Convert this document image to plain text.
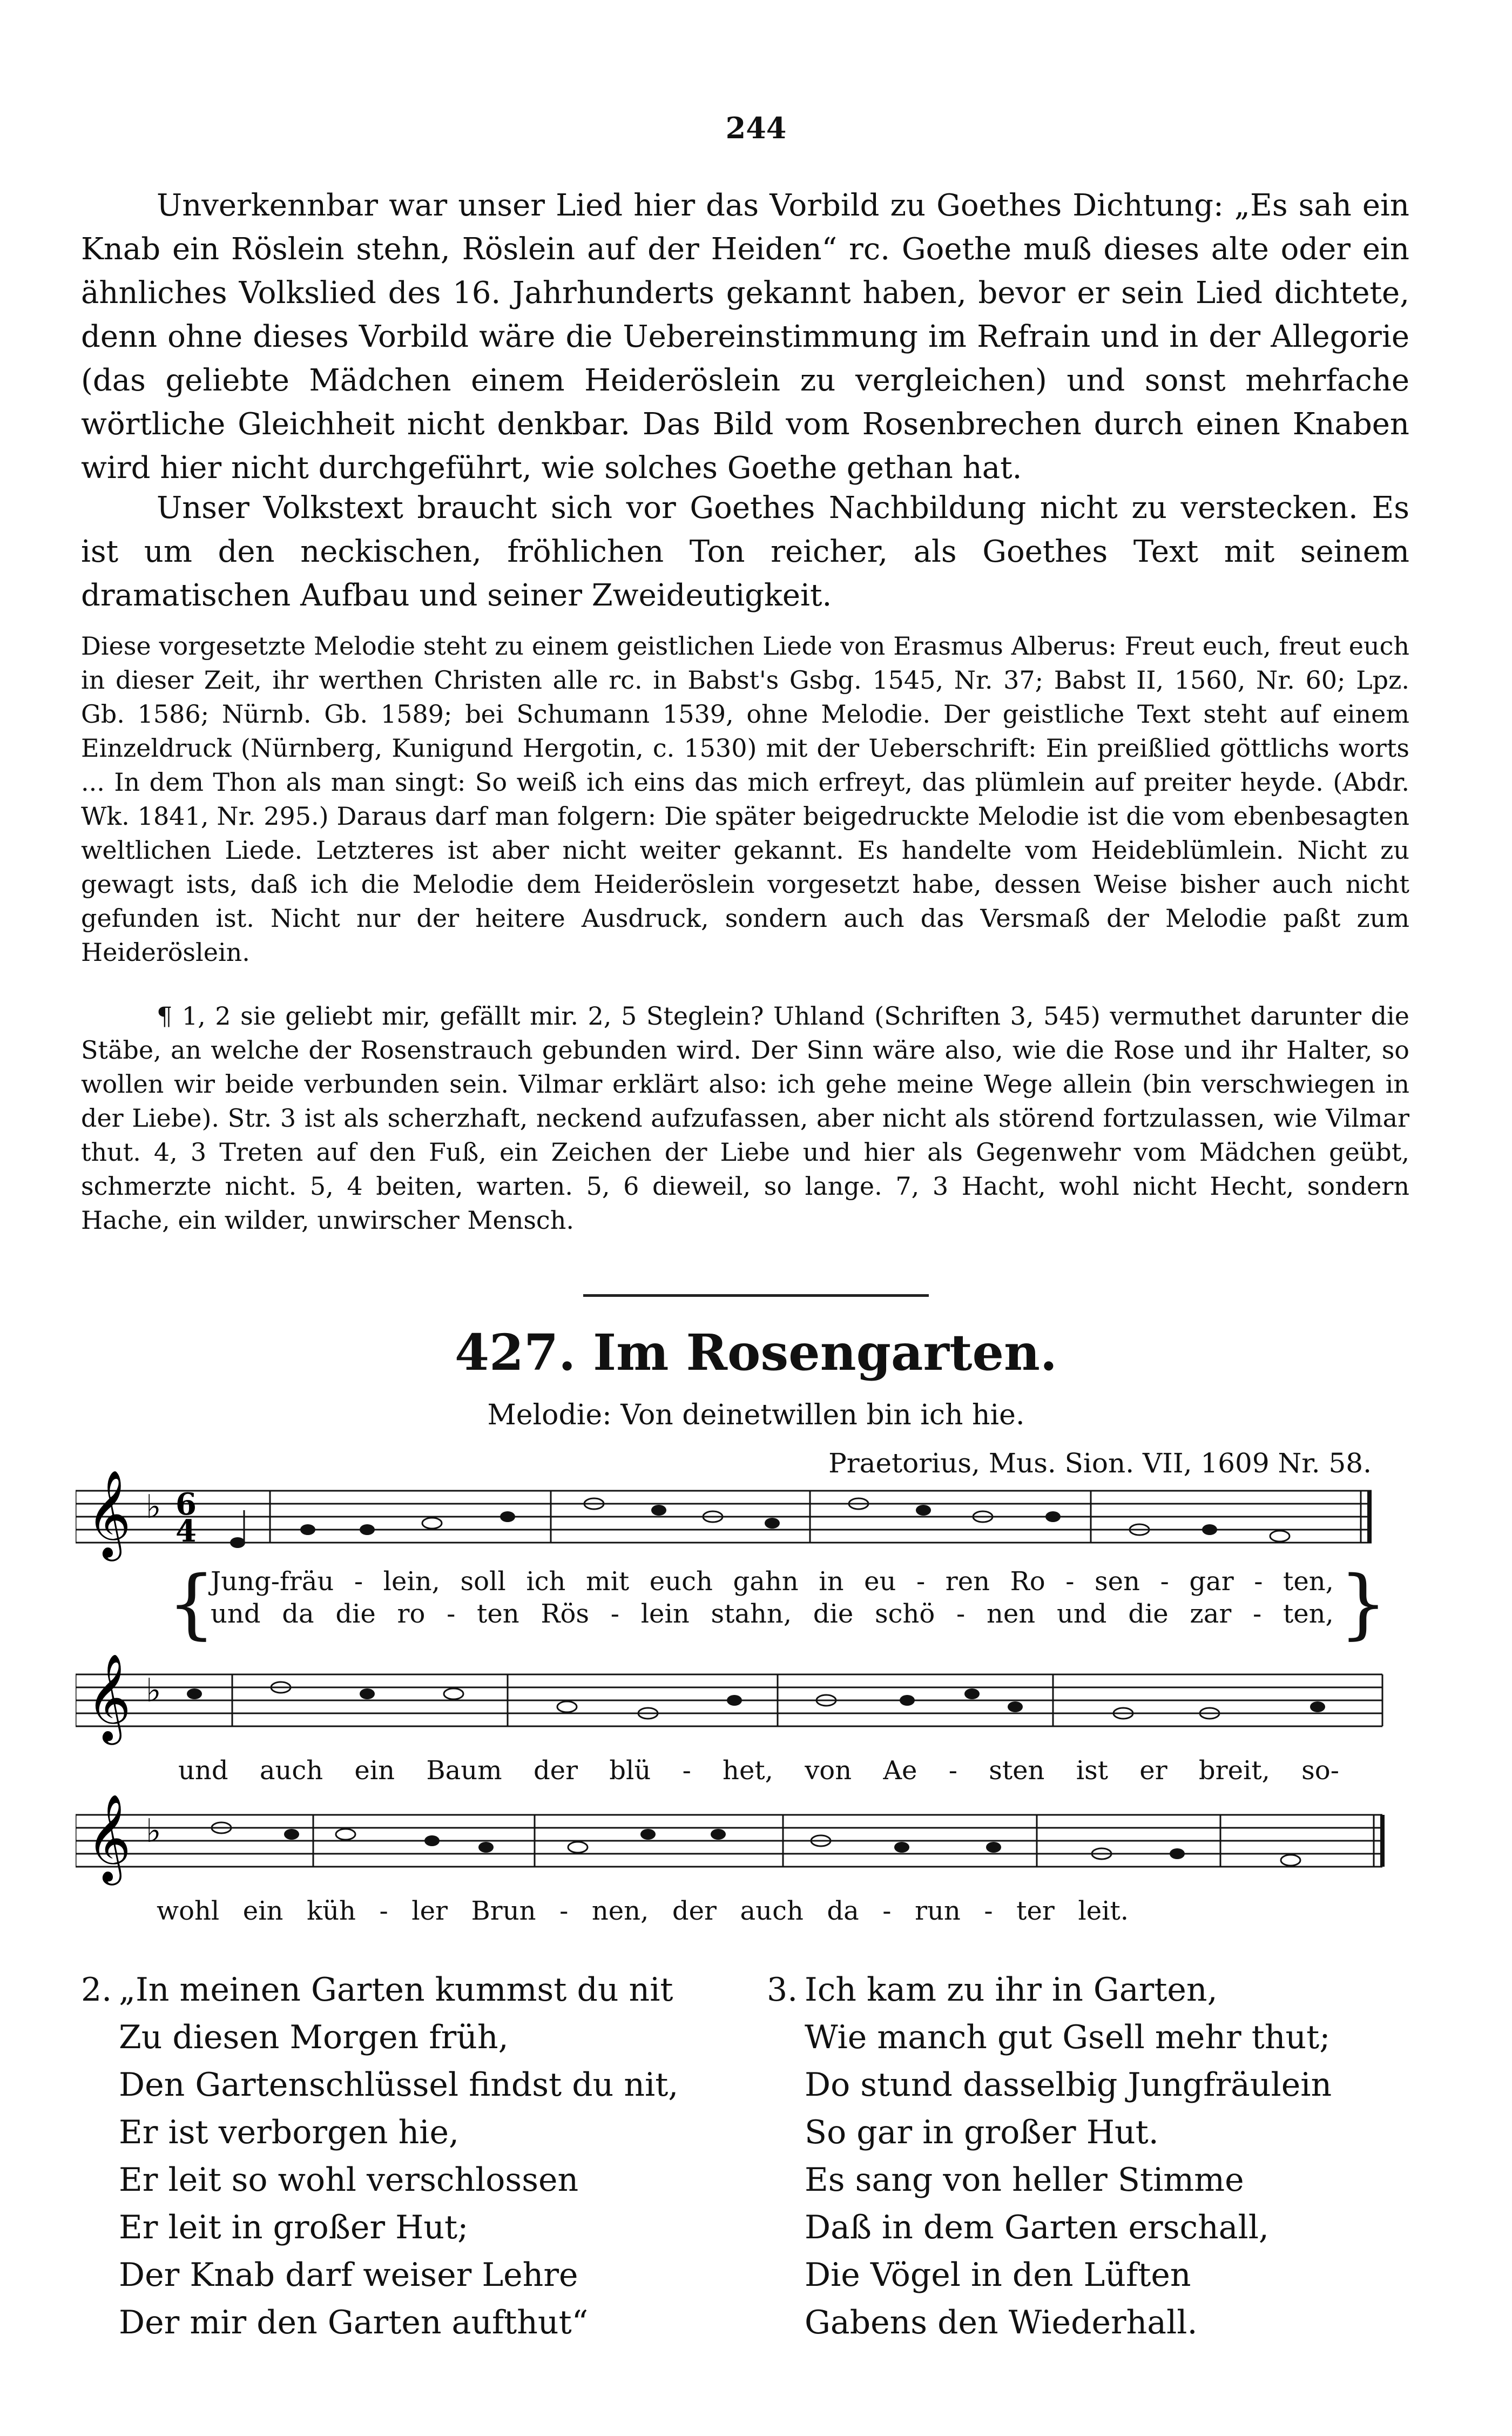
244

Unverkennbar war unser Lied hier das Vorbild zu Goethes Dichtung: „Es sah ein Knab ein Röslein stehn, Röslein auf der Heiden“ rc. Goethe muß dieses alte oder ein ähnliches Volkslied des 16. Jahrhunderts gekannt haben, bevor er sein Lied dichtete, denn ohne dieses Vorbild wäre die Uebereinstimmung im Refrain und in der Allegorie (das geliebte Mädchen einem Heideröslein zu vergleichen) und sonst mehrfache wörtliche Gleichheit nicht denkbar. Das Bild vom Rosenbrechen durch einen Knaben wird hier nicht durchgeführt, wie solches Goethe gethan hat.

Unser Volkstext braucht sich vor Goethes Nachbildung nicht zu verstecken. Es ist um den neckischen, fröhlichen Ton reicher, als Goethes Text mit seinem dramatischen Aufbau und seiner Zweideutigkeit.

Diese vorgesetzte Melodie steht zu einem geistlichen Liede von Erasmus Alberus: Freut euch, freut euch in dieser Zeit, ihr werthen Christen alle rc. in Babst's Gsbg. 1545, Nr. 37; Babst II, 1560, Nr. 60; Lpz. Gb. 1586; Nürnb. Gb. 1589; bei Schumann 1539, ohne Melodie. Der geistliche Text steht auf einem Einzeldruck (Nürnberg, Kunigund Hergotin, c. 1530) mit der Ueberschrift: Ein preißlied göttlichs worts ... In dem Thon als man singt: So weiß ich eins das mich erfreyt, das plümlein auf preiter heyde. (Abdr. Wk. 1841, Nr. 295.) Daraus darf man folgern: Die später beigedruckte Melodie ist die vom ebenbesagten weltlichen Liede. Letzteres ist aber nicht weiter gekannt. Es handelte vom Heideblümlein. Nicht zu gewagt ists, daß ich die Melodie dem Heideröslein vorgesetzt habe, dessen Weise bisher auch nicht gefunden ist. Nicht nur der heitere Ausdruck, sondern auch das Versmaß der Melodie paßt zum Heideröslein.

¶ 1, 2 sie geliebt mir, gefällt mir. 2, 5 Steglein? Uhland (Schriften 3, 545) vermuthet darunter die Stäbe, an welche der Rosenstrauch gebunden wird. Der Sinn wäre also, wie die Rose und ihr Halter, so wollen wir beide verbunden sein. Vilmar erklärt also: ich gehe meine Wege allein (bin verschwiegen in der Liebe). Str. 3 ist als scherzhaft, neckend aufzufassen, aber nicht als störend fortzulassen, wie Vilmar thut. 4, 3 Treten auf den Fuß, ein Zeichen der Liebe und hier als Gegenwehr vom Mädchen geübt, schmerzte nicht. 5, 4 beiten, warten. 5, 6 dieweil, so lange. 7, 3 Hacht, wohl nicht Hecht, sondern Hache, ein wilder, unwirscher Mensch.

427. Im Rosengarten.
Melodie: Von deinetwillen bin ich hie.
Praetorius, Mus. Sion. VII, 1609 Nr. 58.
𝄞 ♭ 6
4
{	}
Jung-fräu - lein, soll ich mit euch gahn in eu - ren Ro - sen - gar - ten,
und da die ro - ten Rös - lein stahn, die schö - nen und die zar - ten,
𝄞 ♭
und auch ein Baum der blü - het, von Ae - sten ist er breit, so-
𝄞 ♭
wohl ein küh - ler Brun - nen, der auch da - run - ter leit.
2. „In meinen Garten kummst du nit
Zu diesen Morgen früh,
Den Gartenschlüssel findst du nit,
Er ist verborgen hie,
Er leit so wohl verschlossen
Er leit in großer Hut;
Der Knab darf weiser Lehre
Der mir den Garten aufthut“
3. Ich kam zu ihr in Garten,
Wie manch gut Gsell mehr thut;
Do stund dasselbig Jungfräulein
So gar in großer Hut.
Es sang von heller Stimme
Daß in dem Garten erschall,
Die Vögel in den Lüften
Gabens den Wiederhall.
